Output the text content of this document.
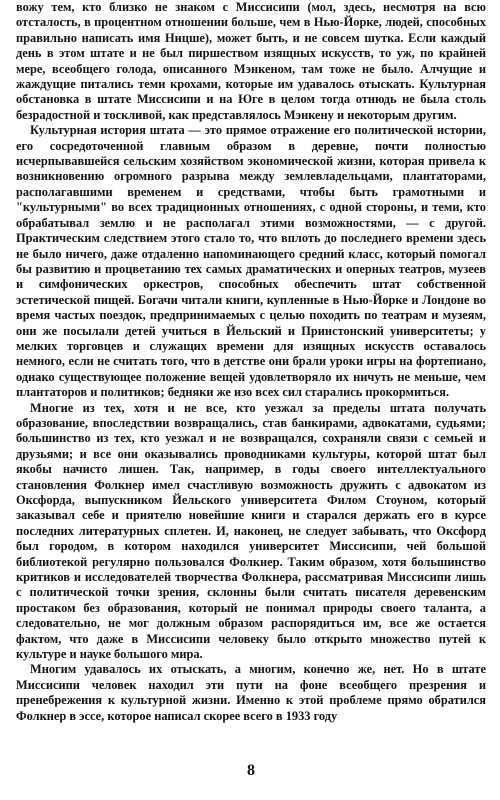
вожу тем, кто близко не знаком с Миссисипи (мол, здесь, несмотря на всю отсталость, в процентном отношении больше, чем в Нью-Йорке, людей, способных правильно написать имя Ницше), может быть, и не совсем шутка. Если каждый день в этом штате и не был пиршеством изящных искусств, то уж, по крайней мере, всеобщего голода, описанного Мэнкеном, там тоже не было. Алчущие и жаждущие питались теми крохами, которые им удавалось отыскать. Культурная обстановка в штате Миссисипи и на Юге в целом тогда отнюдь не была столь безрадостной и тоскливой, как представлялось Мэнкену и некоторым другим.

Культурная история штата — это прямое отражение его политической истории, его сосредоточенной главным образом в деревне, почти полностью исчерпывавшейся сельским хозяйством экономической жизни, которая привела к возникновению огромного разрыва между землевладельцами, плантаторами, располагавшими временем и средствами, чтобы быть грамотными и "культурными" во всех традиционных отношениях, с одной стороны, и теми, кто обрабатывал землю и не располагал этими возможностями, — с другой. Практическим следствием этого стало то, что вплоть до последнего времени здесь не было ничего, даже отдаленно напоминающего средний класс, который помогал бы развитию и процветанию тех самых драматических и оперных театров, музеев и симфонических оркестров, способных обеспечить штат собственной эстетической пищей. Богачи читали книги, купленные в Нью-Йорке и Лондоне во время частых поездок, предпринимаемых с целью походить по театрам и музеям, они же посылали детей учиться в Йельский и Принстонский университеты; у мелких торговцев и служащих времени для изящных искусств оставалось немного, если не считать того, что в детстве они брали уроки игры на фортепиано, однако существующее положение вещей удовлетворяло их ничуть не меньше, чем плантаторов и политиков; бедняки же изо всех сил старались прокормиться.

Многие из тех, хотя и не все, кто уезжал за пределы штата получать образование, впоследствии возвращались, став банкирами, адвокатами, судьями; большинство из тех, кто уезжал и не возвращался, сохраняли связи с семьей и друзьями; и все они оказывались проводниками культуры, которой штат был якобы начисто лишен. Так, например, в годы своего интеллектуального становления Фолкнер имел счастливую возможность дружить с адвокатом из Оксфорда, выпускником Йельского университета Филом Стоуном, который заказывал себе и приятелю новейшие книги и старался держать его в курсе последних литературных сплетен. И, наконец, не следует забывать, что Оксфорд был городом, в котором находился университет Миссисипи, чей большой библиотекой регулярно пользовался Фолкнер. Таким образом, хотя большинство критиков и исследователей творчества Фолкнера, рассматривая Миссисипи лишь с политической точки зрения, склонны были считать писателя деревенским простаком без образования, который не понимал природы своего таланта, а следовательно, не мог должным образом распорядиться им, все же остается фактом, что даже в Миссисипи человеку было открыто множество путей к культуре и науке большого мира.

Многим удавалось их отыскать, а многим, конечно же, нет. Но в штате Миссисипи человек находил эти пути на фоне всеобщего презрения и пренебрежения к культурной жизни. Именно к этой проблеме прямо обратился Фолкнер в эссе, которое написал скорее всего в 1933 году

8
